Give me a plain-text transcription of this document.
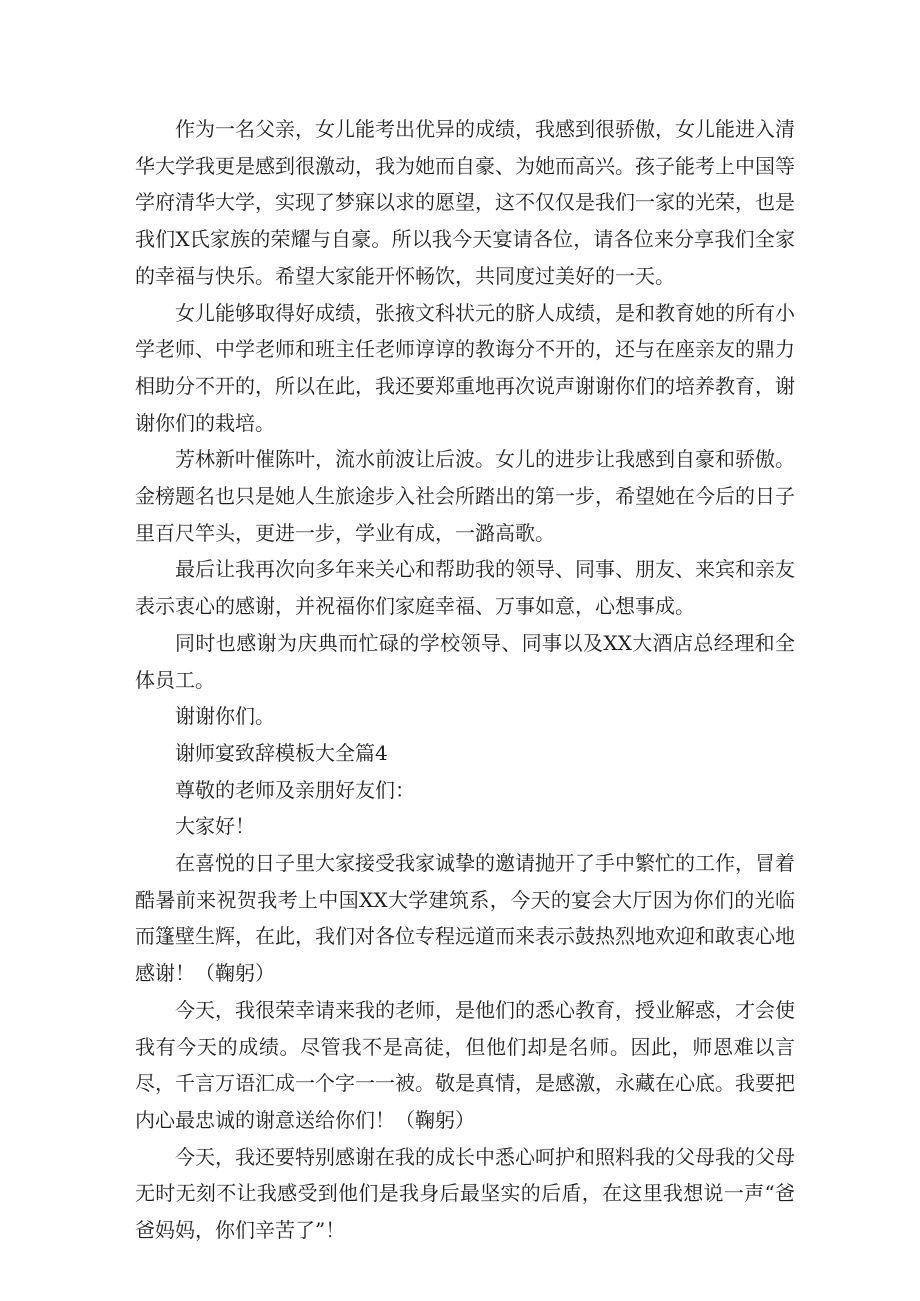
作为一名父亲，女儿能考出优异的成绩，我感到很骄傲，女儿能进入清华大学我更是感到很激动，我为她而自豪、为她而高兴。孩子能考上中国等学府清华大学，实现了梦寐以求的愿望，这不仅仅是我们一家的光荣，也是我们X氏家族的荣耀与自豪。所以我今天宴请各位，请各位来分享我们全家的幸福与快乐。希望大家能开怀畅饮，共同度过美好的一天。

女儿能够取得好成绩，张掖文科状元的脐人成绩，是和教育她的所有小学老师、中学老师和班主任老师谆谆的教诲分不开的，还与在座亲友的鼎力相助分不开的，所以在此，我还要郑重地再次说声谢谢你们的培养教育，谢谢你们的栽培。

芳林新叶催陈叶，流水前波让后波。女儿的进步让我感到自豪和骄傲。金榜题名也只是她人生旅途步入社会所踏出的第一步，希望她在今后的日子里百尺竿头，更进一步，学业有成，一潞高歌。

最后让我再次向多年来关心和帮助我的领导、同事、朋友、来宾和亲友表示衷心的感谢，并祝福你们家庭幸福、万事如意，心想事成。

同时也感谢为庆典而忙碌的学校领导、同事以及XX大酒店总经理和全体员工。

谢谢你们。

谢师宴致辞模板大全篇4

尊敬的老师及亲朋好友们：

大家好！

在喜悦的日子里大家接受我家诚挚的邀请抛开了手中繁忙的工作，冒着酷暑前来祝贺我考上中国XX大学建筑系，今天的宴会大厅因为你们的光临而篷壁生辉，在此，我们对各位专程远道而来表示鼓热烈地欢迎和敢衷心地感谢！（鞠躬）

今天，我很荣幸请来我的老师，是他们的悉心教育，授业解惑，才会使我有今天的成绩。尽管我不是高徒，但他们却是名师。因此，师恩难以言尽，千言万语汇成一个字一一被。敬是真情，是感激，永藏在心底。我要把内心最忠诚的谢意送给你们！（鞠躬）

今天，我还要特别感谢在我的成长中悉心呵护和照料我的父母我的父母无时无刻不让我感受到他们是我身后最坚实的后盾，在这里我想说一声“爸爸妈妈，你们辛苦了”！
